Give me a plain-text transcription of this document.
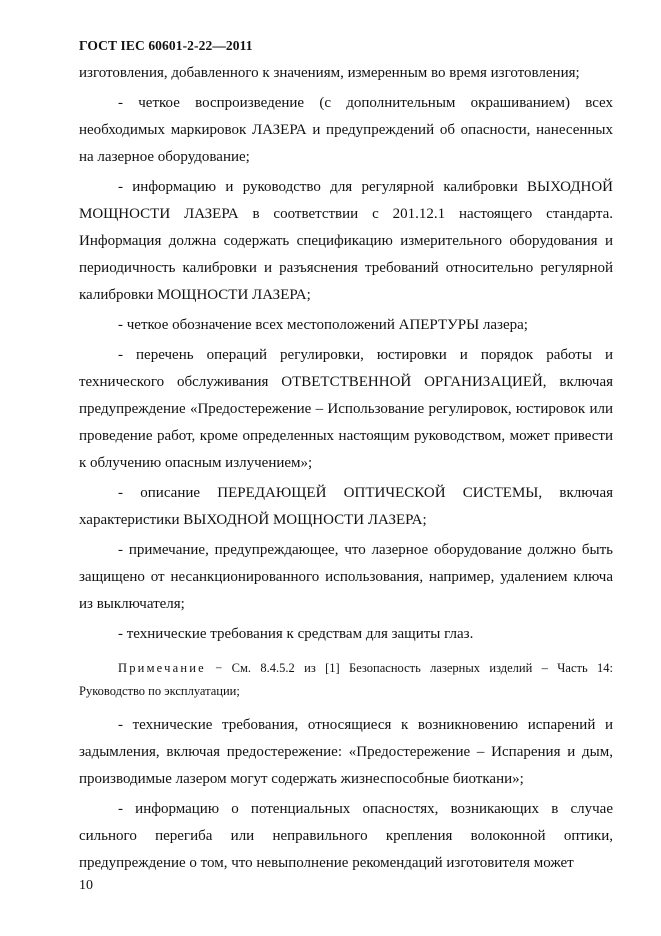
ГОСТ IEC 60601-2-22—2011

изготовления, добавленного к значениям, измеренным во время изготовления;

- четкое воспроизведение (с дополнительным окрашиванием) всех необходимых маркировок ЛАЗЕРА и предупреждений об опасности, нанесенных на лазерное оборудование;

- информацию и руководство для регулярной калибровки ВЫХОДНОЙ МОЩНОСТИ ЛАЗЕРА в соответствии с 201.12.1 настоящего стандарта. Информация должна содержать спецификацию измерительного оборудования и периодичность калибровки и разъяснения требований относительно регулярной калибровки МОЩНОСТИ ЛАЗЕРА;

- четкое обозначение всех местоположений АПЕРТУРЫ лазера;

- перечень операций регулировки, юстировки и порядок работы и технического обслуживания ОТВЕТСТВЕННОЙ ОРГАНИЗАЦИЕЙ, включая предупреждение «Предостережение – Использование регулировок, юстировок или проведение работ, кроме определенных настоящим руководством, может привести к облучению опасным излучением»;

- описание ПЕРЕДАЮЩЕЙ ОПТИЧЕСКОЙ СИСТЕМЫ, включая характеристики ВЫХОДНОЙ МОЩНОСТИ ЛАЗЕРА;

- примечание, предупреждающее, что лазерное оборудование должно быть защищено от несанкционированного использования, например, удалением ключа из выключателя;

- технические требования к средствам для защиты глаз.

Примечание − См. 8.4.5.2 из [1] Безопасность лазерных изделий – Часть 14: Руководство по эксплуатации;

- технические требования, относящиеся к возникновению испарений и задымления, включая предостережение: «Предостережение – Испарения и дым, производимые лазером могут содержать жизнеспособные биоткани»;

- информацию о потенциальных опасностях, возникающих в случае сильного перегиба или неправильного крепления волоконной оптики, предупреждение о том, что невыполнение рекомендаций изготовителя может

10
